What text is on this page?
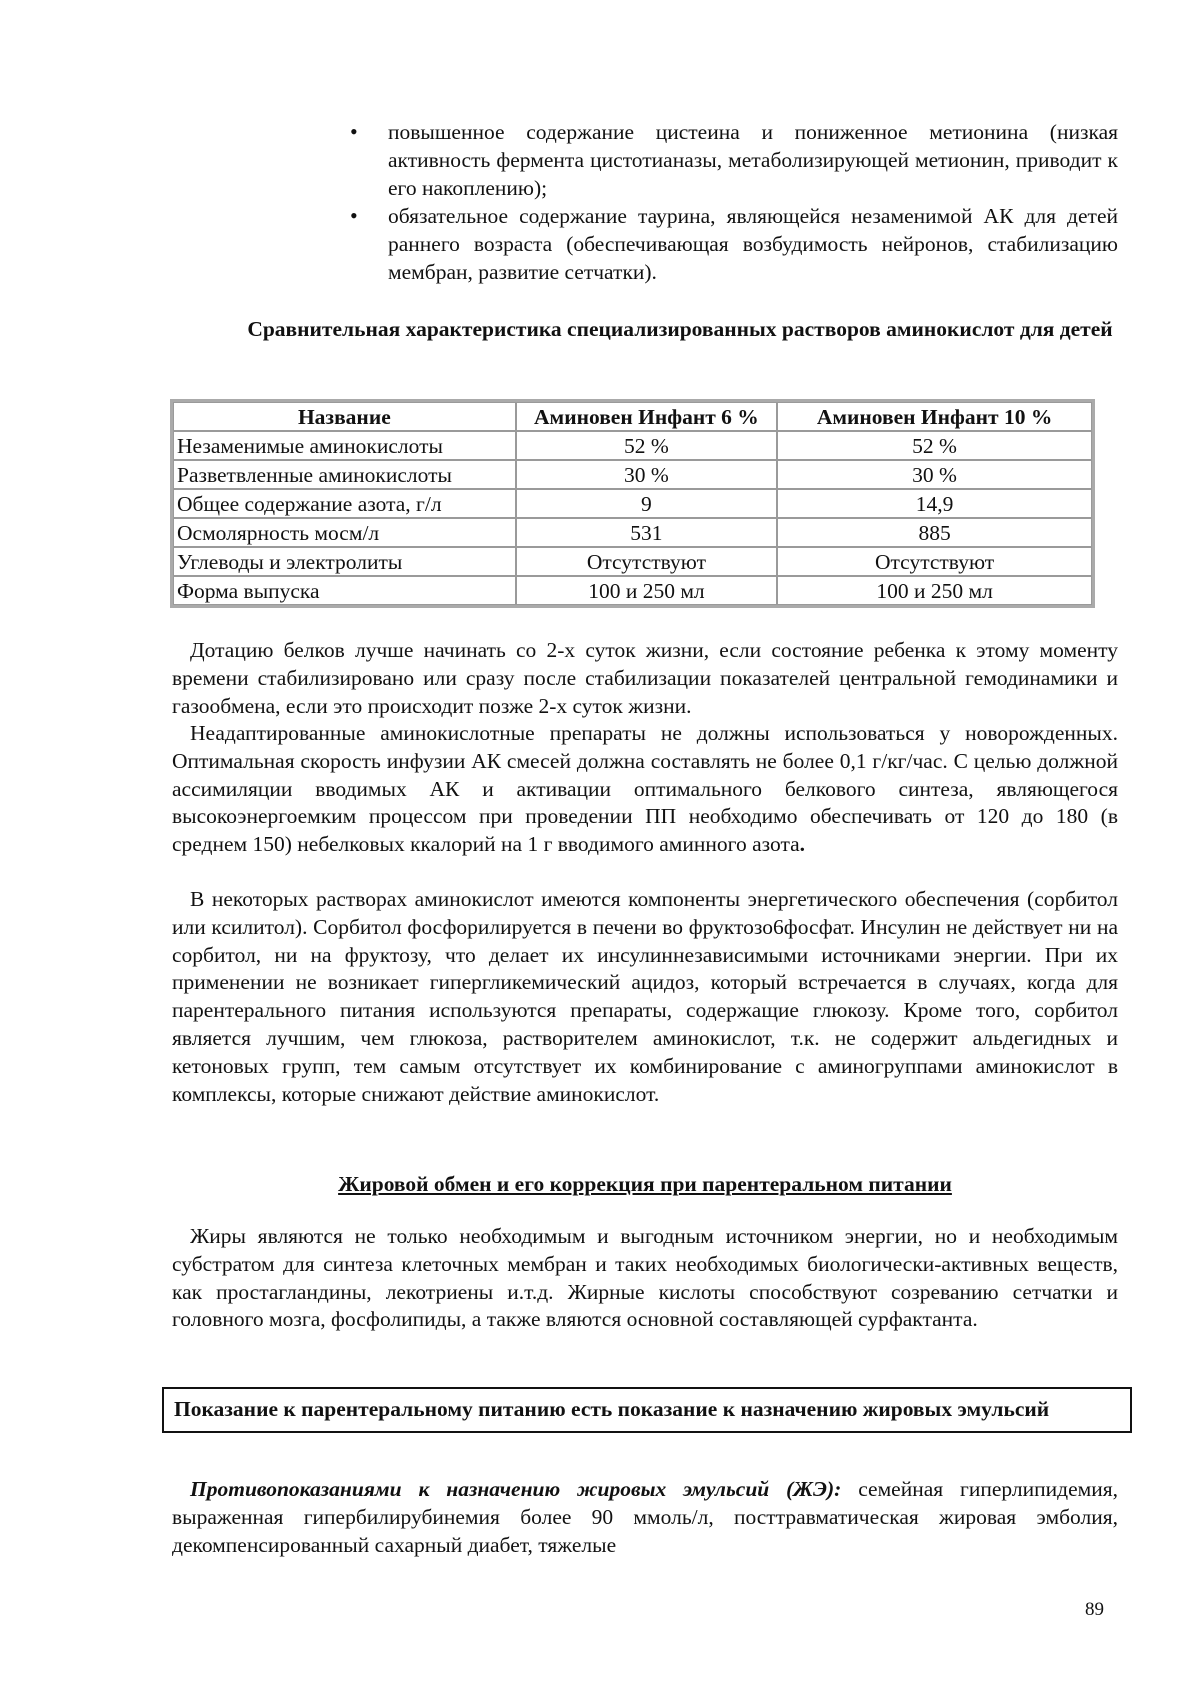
• повышенное содержание цистеина и пониженное метионина (низкая активность фермента цистотианазы, метаболизирующей метионин, приводит к его накоплению);
• обязательное содержание таурина, являющейся незаменимой АК для детей раннего возраста (обеспечивающая возбудимость нейронов, стабилизацию мембран, развитие сетчатки).
Сравнительная характеристика специализированных растворов аминокислот для детей
Название	Аминовен Инфант 6 %	Аминовен Инфант 10 %
Незаменимые аминокислоты	52 %	52 %
Разветвленные аминокислоты	30 %	30 %
Общее содержание азота, г/л	9	14,9
Осмолярность мосм/л	531	885
Углеводы и электролиты	Отсутствуют	Отсутствуют
Форма выпуска	100 и 250 мл	100 и 250 мл

Дотацию белков лучше начинать со 2-х суток жизни, если состояние ребенка к этому моменту времени стабилизировано или сразу после стабилизации показателей центральной гемодинамики и газообмена, если это происходит позже 2-х суток жизни.

Неадаптированные аминокислотные препараты не должны использоваться у новорожденных. Оптимальная скорость инфузии АК смесей должна составлять не более 0,1 г/кг/час. С целью должной ассимиляции вводимых АК и активации оптимального белкового синтеза, являющегося высокоэнергоемким процессом при проведении ПП необходимо обеспечивать от 120 до 180 (в среднем 150) небелковых ккалорий на 1 г вводимого аминного азота.

В некоторых растворах аминокислот имеются компоненты энергетического обеспечения (сорбитол или ксилитол). Сорбитол фосфорилируется в печени во фруктозо6фосфат. Инсулин не действует ни на сорбитол, ни на фруктозу, что делает их инсулиннезависимыми источниками энергии. При их применении не возникает гипергликемический ацидоз, который встречается в случаях, когда для парентерального питания используются препараты, содержащие глюкозу. Кроме того, сорбитол является лучшим, чем глюкоза, растворителем аминокислот, т.к. не содержит альдегидных и кетоновых групп, тем самым отсутствует их комбинирование с аминогруппами аминокислот в комплексы, которые снижают действие аминокислот.

Жировой обмен и его коррекция при парентеральном питании

Жиры являются не только необходимым и выгодным источником энергии, но и необходимым субстратом для синтеза клеточных мембран и таких необходимых биологически-активных веществ, как простагландины, лекотриены и.т.д. Жирные кислоты способствуют созреванию сетчатки и головного мозга, фосфолипиды, а также вляются основной составляющей сурфактанта.

Показание к парентеральному питанию есть показание к назначению жировых эмульсий

Противопоказаниями к назначению жировых эмульсий (ЖЭ): семейная гиперлипидемия, выраженная гипербилирубинемия более 90 ммоль/л, посттравматическая жировая эмболия, декомпенсированный сахарный диабет, тяжелые

89
